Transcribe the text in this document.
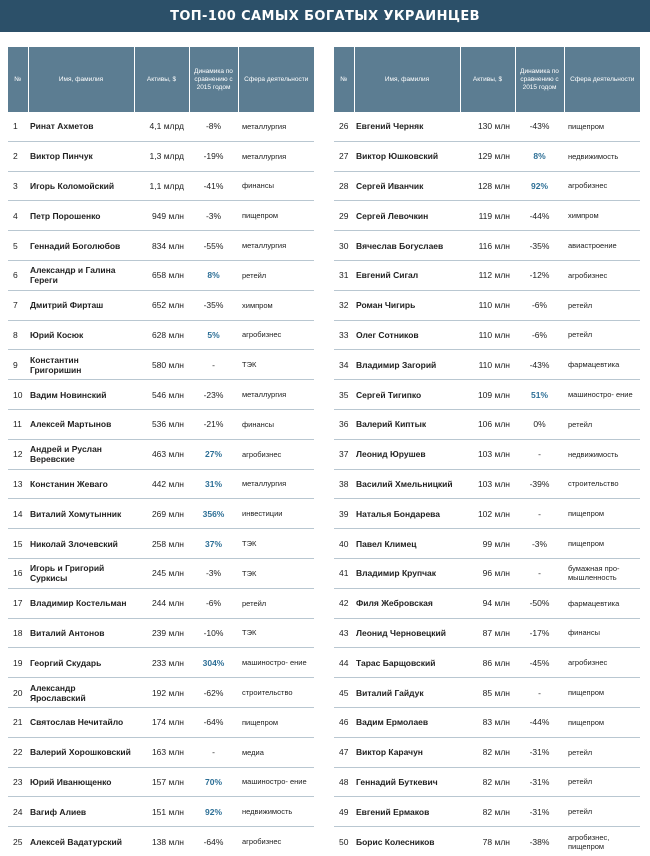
ТОП-100 САМЫХ БОГАТЫХ УКРАИНЦЕВ
№	Имя, фамилия	Активы, $	Динамика по сравнению с 2015 годом	Сфера деятельности
1	Ринат Ахметов	4,1 млрд	-8%	металлургия
2	Виктор Пинчук	1,3 млрд	-19%	металлургия
3	Игорь Коломойский	1,1 млрд	-41%	финансы
4	Петр Порошенко	949 млн	-3%	пищепром
5	Геннадий Боголюбов	834 млн	-55%	металлургия
6	Александр и Галина Гереги	658 млн	8%	ретейл
7	Дмитрий Фирташ	652 млн	-35%	химпром
8	Юрий Косюк	628 млн	5%	агробизнес
9	Константин Григоришин	580 млн	-	ТЭК
10	Вадим Новинский	546 млн	-23%	металлургия
11	Алексей Мартынов	536 млн	-21%	финансы
12	Андрей и Руслан Веревские	463 млн	27%	агробизнес
13	Констанин Жеваго	442 млн	31%	металлургия
14	Виталий Хомутынник	269 млн	356%	инвестиции
15	Николай Злочевский	258 млн	37%	ТЭК
16	Игорь и Григорий Суркисы	245 млн	-3%	ТЭК
17	Владимир Костельман	244 млн	-6%	ретейл
18	Виталий Антонов	239 млн	-10%	ТЭК
19	Георгий Скударь	233 млн	304%	машиностро- ение
20	Александр Ярославский	192 млн	-62%	строительство
21	Святослав Нечитайло	174 млн	-64%	пищепром
22	Валерий Хорошковский	163 млн	-	медиа
23	Юрий Иванющенко	157 млн	70%	машиностро- ение
24	Вагиф Алиев	151 млн	92%	недвижимость
25	Алексей Вадатурский	138 млн	-64%	агробизнес
№	Имя, фамилия	Активы, $	Динамика по сравнению с 2015 годом	Сфера деятельности
26	Евгений Черняк	130 млн	-43%	пищепром
27	Виктор Юшковский	129 млн	8%	недвижимость
28	Сергей Иванчик	128 млн	92%	агробизнес
29	Сергей Левочкин	119 млн	-44%	химпром
30	Вячеслав Богуслаев	116 млн	-35%	авиастроение
31	Евгений Сигал	112 млн	-12%	агробизнес
32	Роман Чигирь	110 млн	-6%	ретейл
33	Олег Сотников	110 млн	-6%	ретейл
34	Владимир Загорий	110 млн	-43%	фармацевтика
35	Сергей Тигипко	109 млн	51%	машиностро- ение
36	Валерий Киптык	106 млн	0%	ретейл
37	Леонид Юрушев	103 млн	-	недвижимость
38	Василий Хмельницкий	103 млн	-39%	строительство
39	Наталья Бондарева	102 млн	-	пищепром
40	Павел Климец	99 млн	-3%	пищепром
41	Владимир Крупчак	96 млн	-	бумажная про- мышленность
42	Филя Жебровская	94 млн	-50%	фармацевтика
43	Леонид Черновецкий	87 млн	-17%	финансы
44	Тарас Барщовский	86 млн	-45%	агробизнес
45	Виталий Гайдук	85 млн	-	пищепром
46	Вадим Ермолаев	83 млн	-44%	пищепром
47	Виктор Карачун	82 млн	-31%	ретейл
48	Геннадий Буткевич	82 млн	-31%	ретейл
49	Евгений Ермаков	82 млн	-31%	ретейл
50	Борис Колесников	78 млн	-38%	агробизнес, пищепром
